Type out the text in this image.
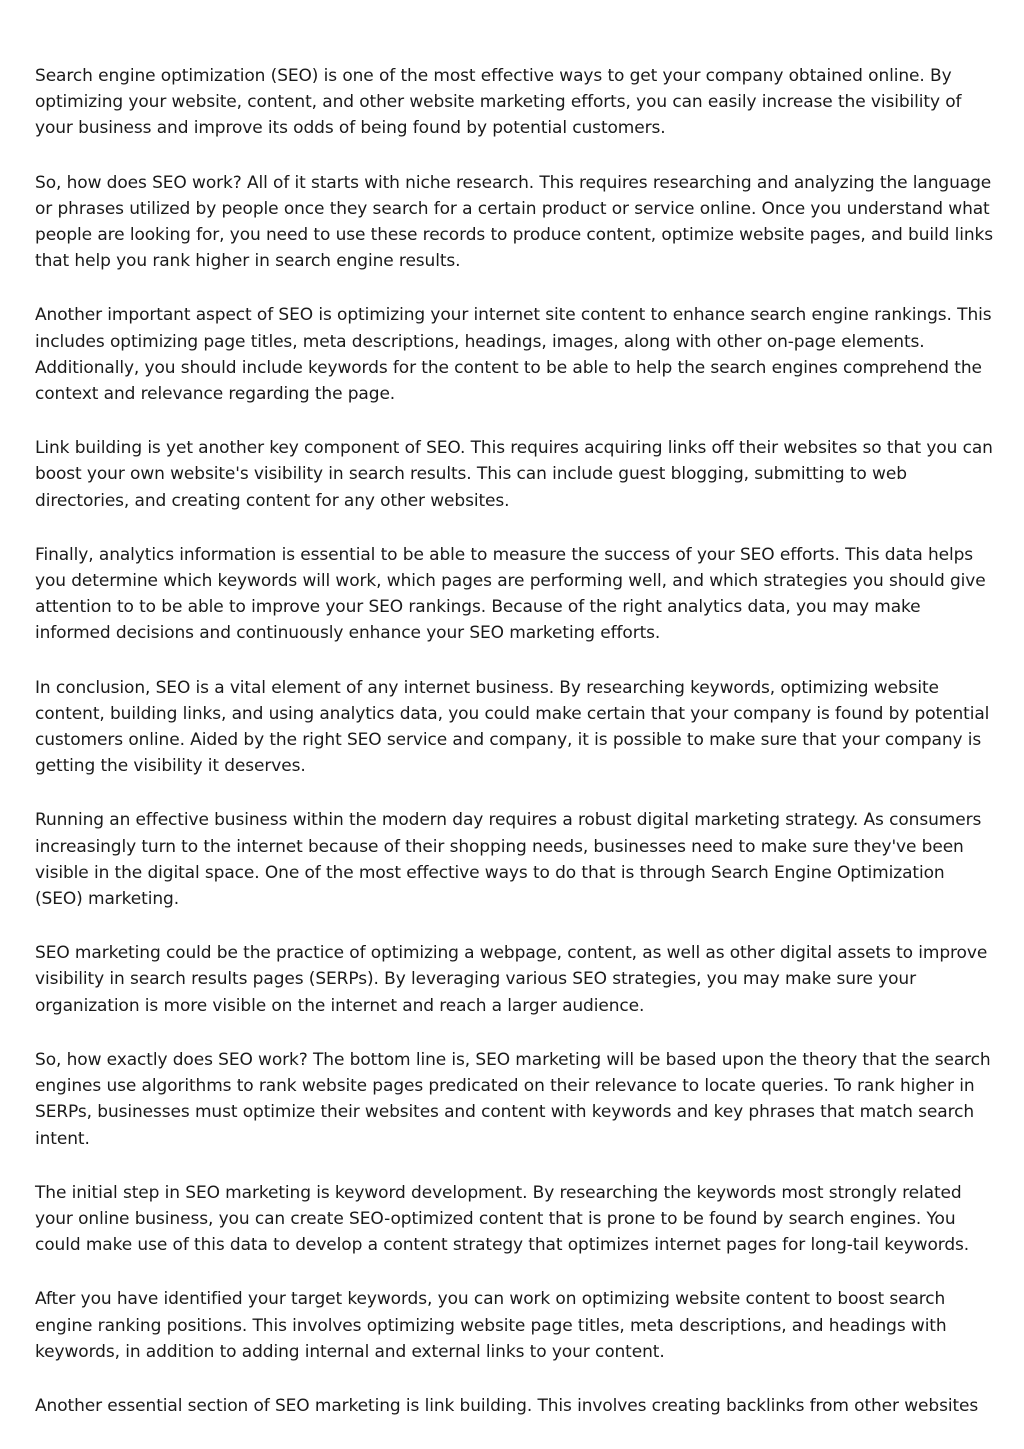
Search engine optimization (SEO) is one of the most effective ways to get your company obtained online. By optimizing your website, content, and other website marketing efforts, you can easily increase the visibility of your business and improve its odds of being found by potential customers.

So, how does SEO work? All of it starts with niche research. This requires researching and analyzing the language or phrases utilized by people once they search for a certain product or service online. Once you understand what people are looking for, you need to use these records to produce content, optimize website pages, and build links that help you rank higher in search engine results.

Another important aspect of SEO is optimizing your internet site content to enhance search engine rankings. This includes optimizing page titles, meta descriptions, headings, images, along with other on-page elements. Additionally, you should include keywords for the content to be able to help the search engines comprehend the context and relevance regarding the page.

Link building is yet another key component of SEO. This requires acquiring links off their websites so that you can boost your own website's visibility in search results. This can include guest blogging, submitting to web directories, and creating content for any other websites.

Finally, analytics information is essential to be able to measure the success of your SEO efforts. This data helps you determine which keywords will work, which pages are performing well, and which strategies you should give attention to to be able to improve your SEO rankings. Because of the right analytics data, you may make informed decisions and continuously enhance your SEO marketing efforts.

In conclusion, SEO is a vital element of any internet business. By researching keywords, optimizing website content, building links, and using analytics data, you could make certain that your company is found by potential customers online. Aided by the right SEO service and company, it is possible to make sure that your company is getting the visibility it deserves.

Running an effective business within the modern day requires a robust digital marketing strategy. As consumers increasingly turn to the internet because of their shopping needs, businesses need to make sure they've been visible in the digital space. One of the most effective ways to do that is through Search Engine Optimization (SEO) marketing.

SEO marketing could be the practice of optimizing a webpage, content, as well as other digital assets to improve visibility in search results pages (SERPs). By leveraging various SEO strategies, you may make sure your organization is more visible on the internet and reach a larger audience.

So, how exactly does SEO work? The bottom line is, SEO marketing will be based upon the theory that the search engines use algorithms to rank website pages predicated on their relevance to locate queries. To rank higher in SERPs, businesses must optimize their websites and content with keywords and key phrases that match search intent.

The initial step in SEO marketing is keyword development. By researching the keywords most strongly related your online business, you can create SEO-optimized content that is prone to be found by search engines. You could make use of this data to develop a content strategy that optimizes internet pages for long-tail keywords.

After you have identified your target keywords, you can work on optimizing website content to boost search engine ranking positions. This involves optimizing website page titles, meta descriptions, and headings with keywords, in addition to adding internal and external links to your content.

Another essential section of SEO marketing is link building. This involves creating backlinks from other websites
